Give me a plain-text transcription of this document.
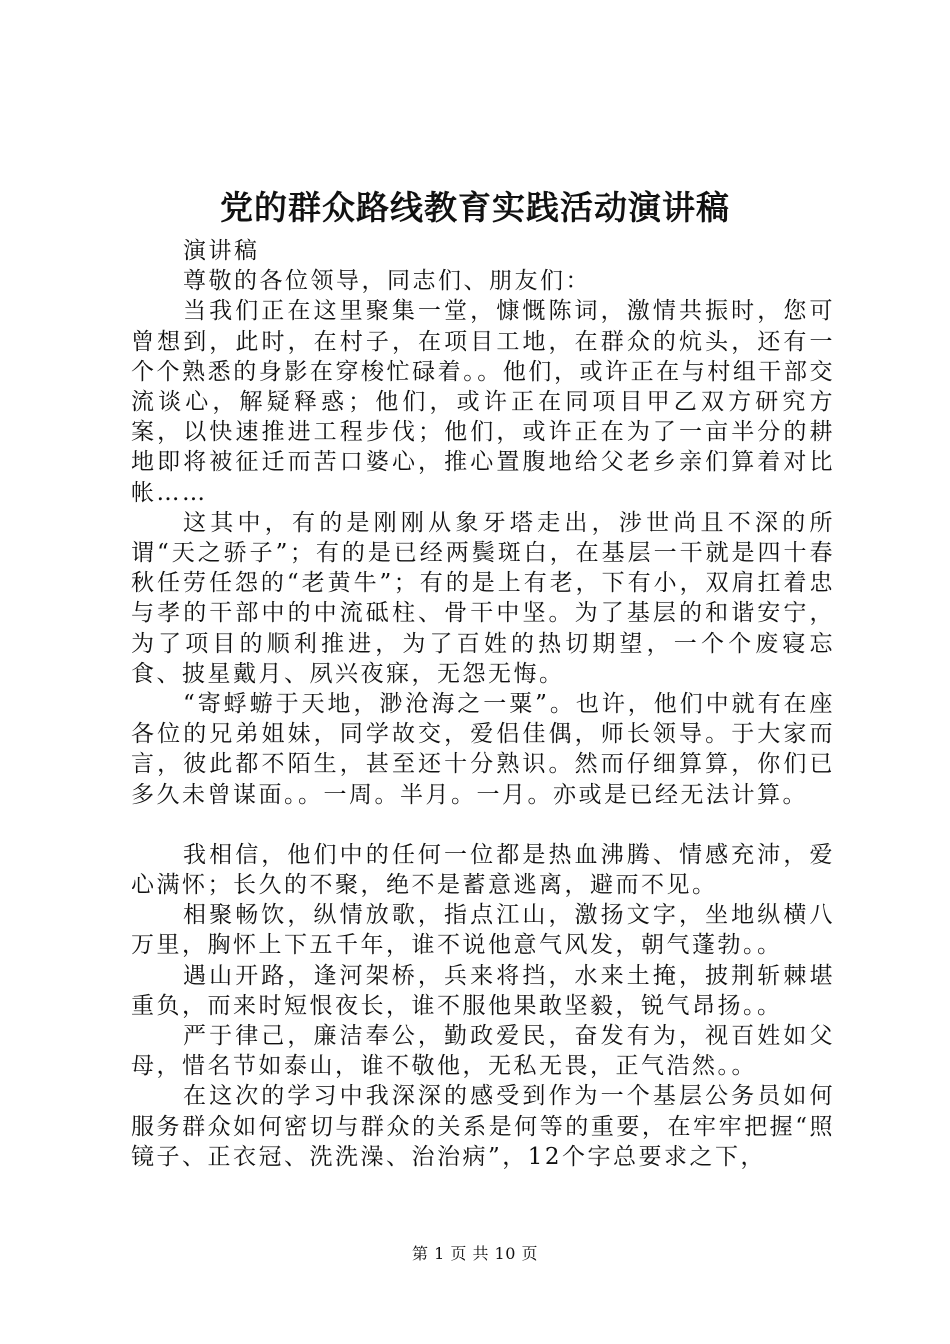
党的群众路线教育实践活动演讲稿

演讲稿

尊敬的各位领导，同志们、朋友们：

当我们正在这里聚集一堂，慷慨陈词，激情共振时，您可曾想到，此时，在村子，在项目工地，在群众的炕头，还有一个个熟悉的身影在穿梭忙碌着。。他们，或许正在与村组干部交流谈心，解疑释惑；他们，或许正在同项目甲乙双方研究方案，以快速推进工程步伐；他们，或许正在为了一亩半分的耕地即将被征迁而苦口婆心，推心置腹地给父老乡亲们算着对比帐……

这其中，有的是刚刚从象牙塔走出，涉世尚且不深的所谓“天之骄子”；有的是已经两鬓斑白，在基层一干就是四十春秋任劳任怨的“老黄牛”；有的是上有老，下有小，双肩扛着忠与孝的干部中的中流砥柱、骨干中坚。为了基层的和谐安宁，为了项目的顺利推进，为了百姓的热切期望，一个个废寝忘食、披星戴月、夙兴夜寐，无怨无悔。

“寄蜉蝣于天地，渺沧海之一粟”。也许，他们中就有在座各位的兄弟姐妹，同学故交，爱侣佳偶，师长领导。于大家而言，彼此都不陌生，甚至还十分熟识。然而仔细算算，你们已多久未曾谋面。。一周。半月。一月。亦或是已经无法计算。

我相信，他们中的任何一位都是热血沸腾、情感充沛，爱心满怀；长久的不聚，绝不是蓄意逃离，避而不见。

相聚畅饮，纵情放歌，指点江山，激扬文字，坐地纵横八万里，胸怀上下五千年，谁不说他意气风发，朝气蓬勃。。

遇山开路，逢河架桥，兵来将挡，水来土掩，披荆斩棘堪重负，而来时短恨夜长，谁不服他果敢坚毅，锐气昂扬。。

严于律己，廉洁奉公，勤政爱民，奋发有为，视百姓如父母，惜名节如泰山，谁不敬他，无私无畏，正气浩然。。

在这次的学习中我深深的感受到作为一个基层公务员如何服务群众如何密切与群众的关系是何等的重要，在牢牢把握“照镜子、正衣冠、洗洗澡、治治病”，12个字总要求之下，

第 1 页 共 10 页
